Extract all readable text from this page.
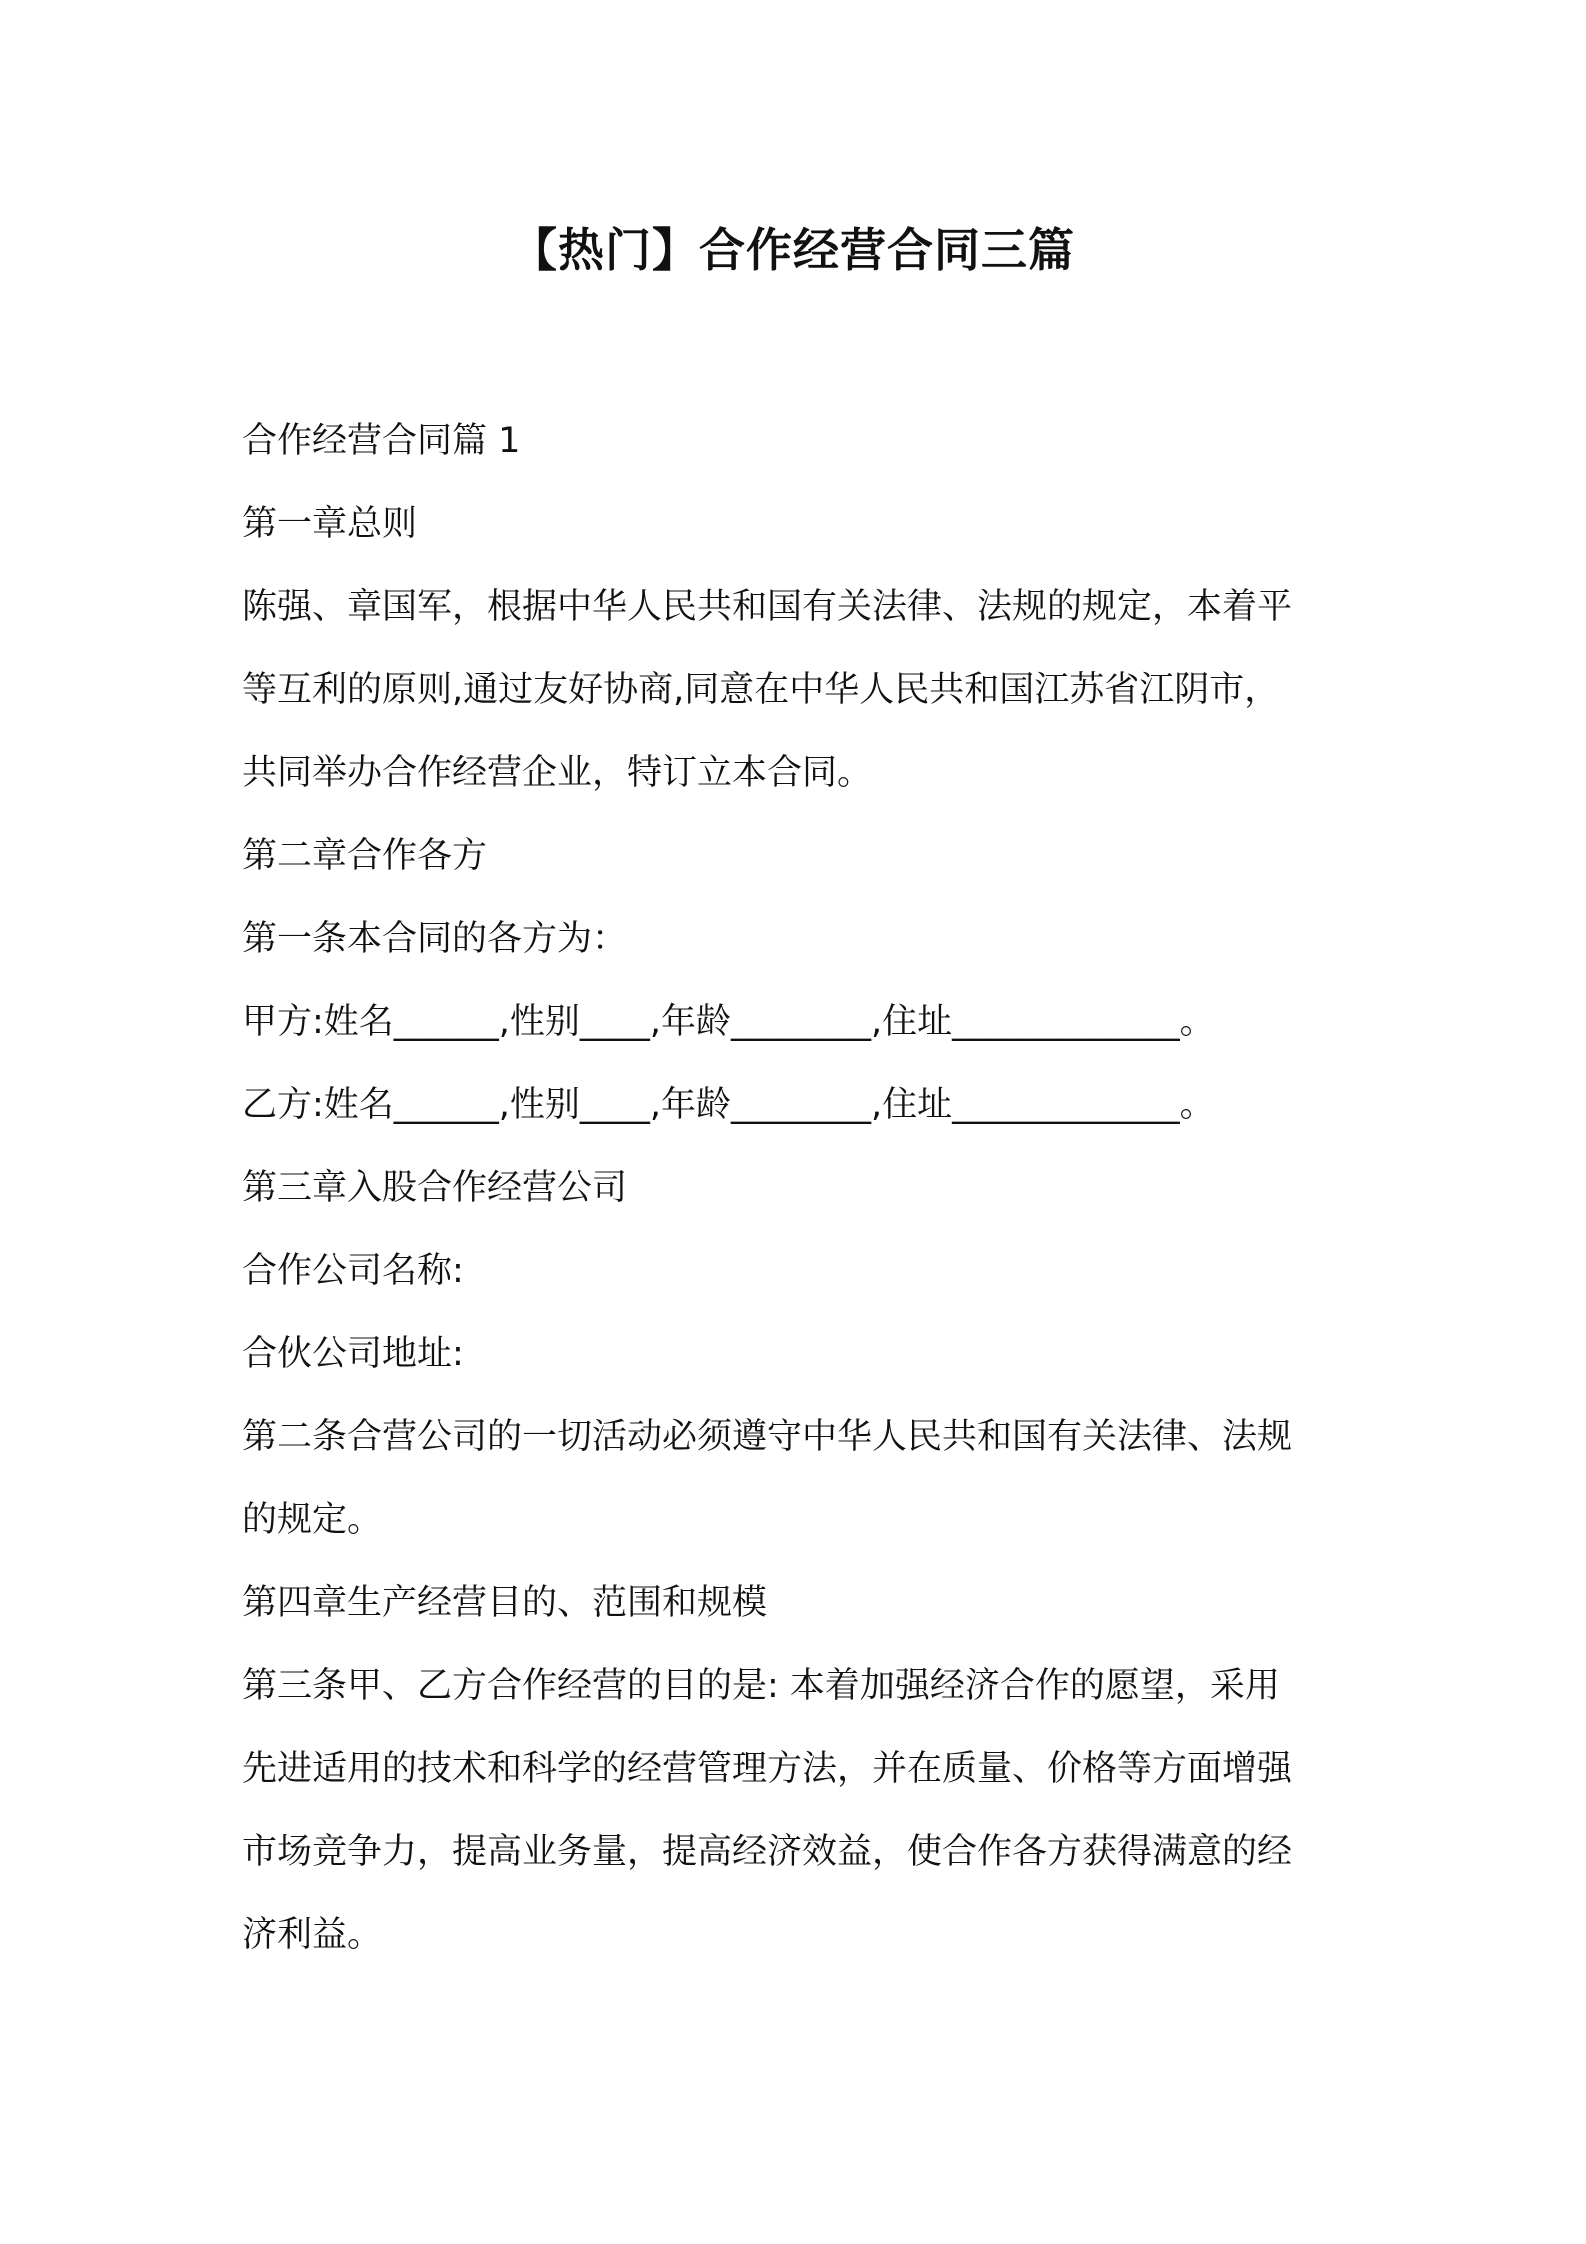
【热门】合作经营合同三篇

合作经营合同篇 1

第一章总则

陈强、章国军，根据中华人民共和国有关法律、法规的规定，本着平

等互利的原则,通过友好协商,同意在中华人民共和国江苏省江阴市，

共同举办合作经营企业，特订立本合同。

第二章合作各方

第一条本合同的各方为：

甲方:姓名______,性别____,年龄________,住址_____________。

乙方:姓名______,性别____,年龄________,住址_____________。

第三章入股合作经营公司

合作公司名称:

合伙公司地址:

第二条合营公司的一切活动必须遵守中华人民共和国有关法律、法规

的规定。

第四章生产经营目的、范围和规模

第三条甲、乙方合作经营的目的是: 本着加强经济合作的愿望，采用

先进适用的技术和科学的经营管理方法，并在质量、价格等方面增强

市场竞争力，提高业务量，提高经济效益，使合作各方获得满意的经

济利益。
